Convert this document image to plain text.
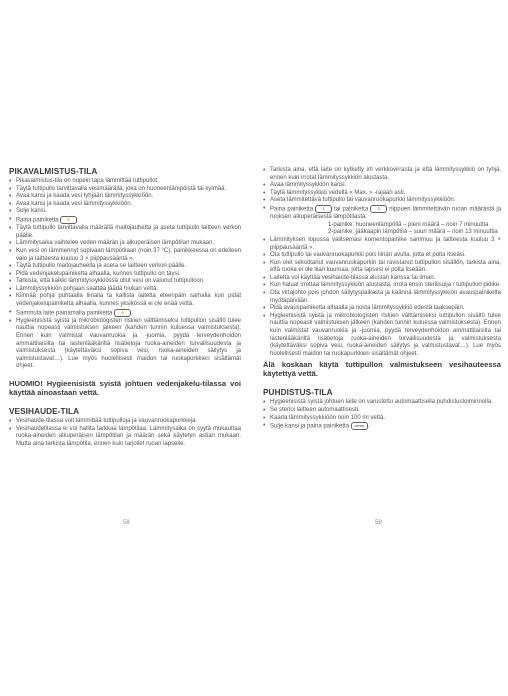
PIKAVALMISTUS-TILA
• Pikavalmistus-tila on nopein tapa lämmittää tuttipullot.
• Täytä tuttipullo tarvittavalla vesimäärällä, joka on huoneenlämpöistä tai kylmää.
• Avaa kansi ja kaada vesi tyhjään lämmityssykkiöön.
• Avaa kansi ja kaada vesi lämmityssykkiöön.
• Sulje kansi.
• Paina painiketta ⚡ .
• Täytä tuttipullo tarvittavalla määrällä maitojauhetta ja aseta tuttipullo laitteen verkon päälle.
• Lämmitysaika vaihtelee veden määrän ja alkuperäisen lämpötilan mukaan.
• Kun vesi on lämmennyt sopivaan lämpötilaan (noin 37 °C), painikkeessa on edelleen valo ja laitteesta kuuluu 3 × piippausääntä ».
• Täytä tuttipullo maitojauheella ja aseta se laitteen verkon päälle.
• Pidä vedenjakelupainiketta alhaalla, kunnes tuttipullo on täysi.
• Tarkista, että kaikki lämmityssykkiössä ollut vesi on valunut tuttipulloon.
• Lämmityssykkiön pohjaan saattaa jäädä hiukan vettä.
• Kiinnää pohja puhtaalla liinalla ta kallista laitetta eteenpäin samalla kun pidät vedenjakelupainiketta alhaalla, kunnes yksikössä ei ole enää vettä.
• Sammuta laite painamalla painiketta ⚡ .
• Hygieenisistä syistä ja mikrobiologisten riskien välttämiseksi tuttipullon sisältö tulee nauttia nopeasti valmistuksen jälkeen (kahden tunnin kuluessa valmistuksesta). Ennen kuin valmistat vauvanruokia ja -juomia, pyydä terveydenhoidon ammattilaisilta tai lastenlääkäriltä lisätietoja ruoka-aineiden turvallisuudesta ja valmistuksesta (käytettäväksi sopiva vesi, ruoka-aineiden säilytys ja valmistustavat…). Lue myös huolellisesti maidon tai ruokapurkkien sisältämät ohjeet.

HUOMIO! Hygieenisistä syistä johtuen vedenjakelu-tilassa voi käyttää ainoastaan vettä.

VESIHAUDE-TILA
• Vesihaude-tilassa voit lämmittää tuttipulloja ja vauvanruokapurkkeja.
• Vesihaudetilassa ei voi hallita tarkkaa lämpötilaa. Lämmitysaika on syytä mukauttaa ruoka-aineiden alkuperäisen lämpötilan ja määrän sekä käytetyn astian mukaan. Mutta aina tarkista lämpötila, ennen kuin tarjoilet ruoan lapselle.
58
• Tarkista aina, että laite on kytketty irti verkkovirrasta ja että lämmityssykkiö on tyhjä, ennen kuin irrotat lämmityssykkiön alustasta.
• Avaa lämmityssykkiön kansi.
• Täytä lämmityssykkiö vedellä « Max. » -rajaan asti.
• Aseta lämmitettävä tuttipullo tai vauvanruokapurkki lämmityssykkiöön.
• Paina painiketta 1 tai painiketta 2 riippuen lämmitettävän ruoan määrästä ja ruoksen alkuperäisestä lämpötilasta:
1-painike: huoneenlämpöllä – pieni määrä – noin 7 minuuttia
2-painike: jääkaapin lämpötila – suuri määrä – noin 13 minuuttia
• Lämmityksen lopussa valitsemasi komentopainike sammuu ja laitteesta kuuluu 3 × piippausääntä ».
• Ota tuttipullo tai vauvanruokapurkki pois liinan avulla, jotta et polta itseäsi.
• Kun olet sekoittanut vauvanruokapurkin tai ravistanut tuttipullon sisällön, tarkista aina, että ruoka ei ole liian kuumaa, jotta lapsesi ei polta itseään.
• Laitetta voi käyttää vesihaude-tilassa alustan kanssa tai ilman.
• Kun haluat irrottaa lämmityssykkiön alustasta, irrota ensin sterilisoija / tuttipullon pidike.
• Ota virtajohto pois johdon säilytyspaikasta ja käännä lämmityssykkiön avauspainiketta myötäpäivään.
• Pidä avauspainiketta alhaalla ja nosta lämmityssykkiö edestä taaksepäin.
• Hygieenisistä syistä ja mikrobiologisten riskien välttämiseksi tuttipullon sisältö tulee nauttia nopeasti valmistuksen jälkeen (kahden tunnin kuluessa valmistuksesta). Ennen kuin valmistat vauvanruokia ja -juomia, pyydä terveydenhoidon ammattilaisilta tai lastenlääkäriltä lisätietoja ruoka-aineiden turvallisuudesta ja valmistuksesta (käytettäväksi sopiva vesi, ruoka-aineiden säilytys ja valmistustavat…). Lue myös huolellisesti maidon tai ruokapurkkien sisältämät ohjeet.

Älä koskaan käytä tuttipullon valmistukseen vesihauteessa käytettyä vettä.

PUHDISTUS-TILA
• Hygieenisistä syistä johtuen laite on varustettu automaattisella puhdistustoiminnolla.
• Se sterloi laitteen automaattisesti.
• Kaada lämmityssykkiöön noin 100 ml vettä.
• Sulje kansi ja paina painiketta clean .
59
